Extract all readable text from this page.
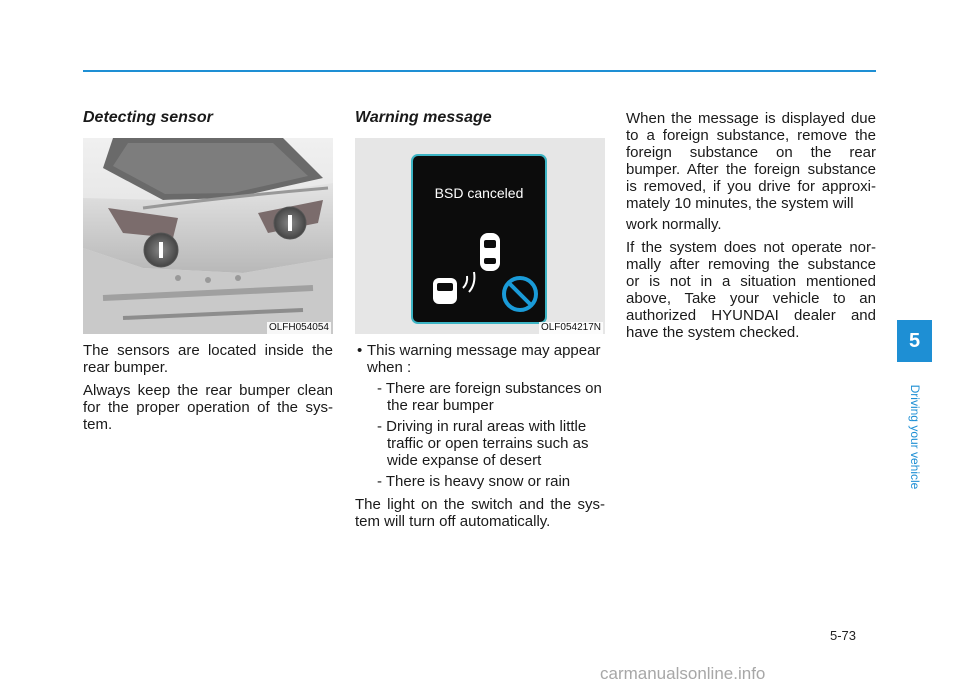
Detecting sensor
OLFH054054

The sensors are located inside the rear bumper.

Always keep the rear bumper clean for the proper operation of the sys-tem.

Warning message
BSD canceled
OLF054217N
• This warning message may appear when :
- There are foreign substances on the rear bumper
- Driving in rural areas with little traffic or open terrains such as wide expanse of desert
- There is heavy snow or rain

The light on the switch and the sys-tem will turn off automatically.

When the message is displayed due to a foreign substance, remove the foreign substance on the rear bumper. After the foreign substance is removed, if you drive for approxi-mately 10 minutes, the system will

work normally.

If the system does not operate nor-mally after removing the substance or is not in a situation mentioned above, Take your vehicle to an authorized HYUNDAI dealer and have the system checked.	5
Driving your vehicle
5-73
carmanualsonline.info
